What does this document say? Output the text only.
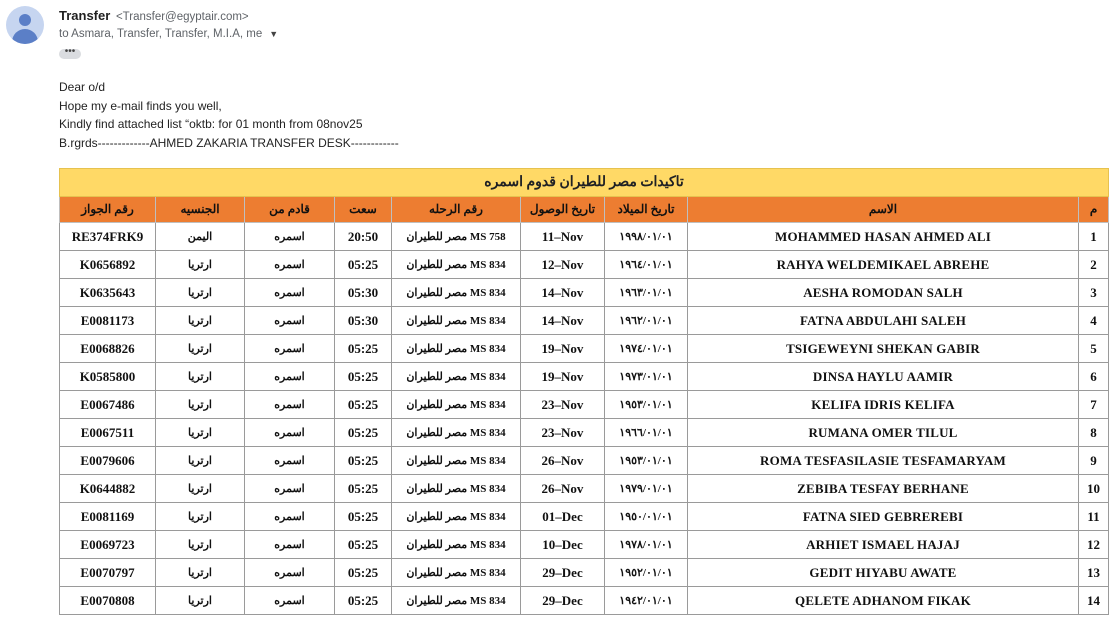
Transfer <Transfer@egyptair.com>
to Asmara, Transfer, Transfer, M.I.A, me ▼
•••
Dear o/d
Hope my e-mail finds you well,
Kindly find attached list “oktb: for 01 month from 08nov25
B.rgrds-------------AHMED ZAKARIA TRANSFER DESK------------
تاكيدات مصر للطيران قدوم اسمره								
رقم الجواز	الجنسيه	قادم من	سعت	رقم الرحله	تاريخ الوصول	تاريخ الميلاد	الاسم	م
RE374FRK9	اليمن	اسمره	20:50	MS 758 مصر للطيران	11–Nov	١٩٩٨/٠١/٠١	MOHAMMED HASAN AHMED ALI	1
K0656892	ارتريا	اسمره	05:25	MS 834 مصر للطيران	12–Nov	١٩٦٤/٠١/٠١	RAHYA WELDEMIKAEL ABREHE	2
K0635643	ارتريا	اسمره	05:30	MS 834 مصر للطيران	14–Nov	١٩٦٣/٠١/٠١	AESHA ROMODAN SALH	3
E0081173	ارتريا	اسمره	05:30	MS 834 مصر للطيران	14–Nov	١٩٦٢/٠١/٠١	FATNA ABDULAHI SALEH	4
E0068826	ارتريا	اسمره	05:25	MS 834 مصر للطيران	19–Nov	١٩٧٤/٠١/٠١	TSIGEWEYNI SHEKAN GABIR	5
K0585800	ارتريا	اسمره	05:25	MS 834 مصر للطيران	19–Nov	١٩٧٣/٠١/٠١	DINSA HAYLU AAMIR	6
E0067486	ارتريا	اسمره	05:25	MS 834 مصر للطيران	23–Nov	١٩٥٣/٠١/٠١	KELIFA IDRIS KELIFA	7
E0067511	ارتريا	اسمره	05:25	MS 834 مصر للطيران	23–Nov	١٩٦٦/٠١/٠١	RUMANA OMER TILUL	8
E0079606	ارتريا	اسمره	05:25	MS 834 مصر للطيران	26–Nov	١٩٥٣/٠١/٠١	ROMA TESFASILASIE TESFAMARYAM	9
K0644882	ارتريا	اسمره	05:25	MS 834 مصر للطيران	26–Nov	١٩٧٩/٠١/٠١	ZEBIBA TESFAY BERHANE	10
E0081169	ارتريا	اسمره	05:25	MS 834 مصر للطيران	01–Dec	١٩٥٠/٠١/٠١	FATNA SIED GEBREREBI	11
E0069723	ارتريا	اسمره	05:25	MS 834 مصر للطيران	10–Dec	١٩٧٨/٠١/٠١	ARHIET ISMAEL HAJAJ	12
E0070797	ارتريا	اسمره	05:25	MS 834 مصر للطيران	29–Dec	١٩٥٢/٠١/٠١	GEDIT HIYABU AWATE	13
E0070808	ارتريا	اسمره	05:25	MS 834 مصر للطيران	29–Dec	١٩٤٢/٠١/٠١	QELETE ADHANOM FIKAK	14
